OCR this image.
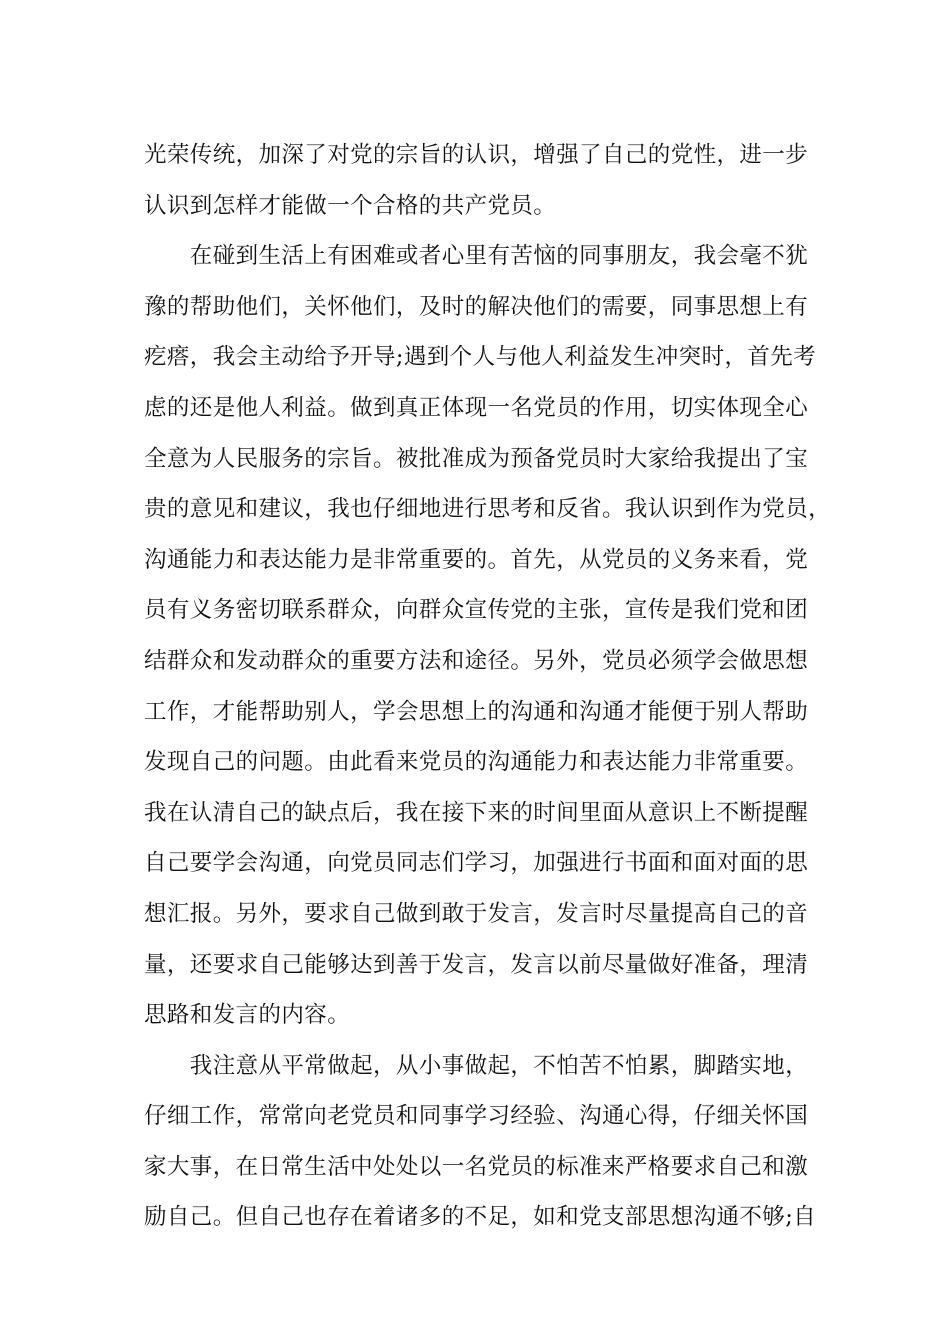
光荣传统，加深了对党的宗旨的认识，增强了自己的党性，进一步
认识到怎样才能做一个合格的共产党员。
　　在碰到生活上有困难或者心里有苦恼的同事朋友，我会毫不犹
豫的帮助他们，关怀他们，及时的解决他们的需要，同事思想上有
疙瘩，我会主动给予开导;遇到个人与他人利益发生冲突时，首先考
虑的还是他人利益。做到真正体现一名党员的作用，切实体现全心
全意为人民服务的宗旨。被批准成为预备党员时大家给我提出了宝
贵的意见和建议，我也仔细地进行思考和反省。我认识到作为党员，
沟通能力和表达能力是非常重要的。首先，从党员的义务来看，党
员有义务密切联系群众，向群众宣传党的主张，宣传是我们党和团
结群众和发动群众的重要方法和途径。另外，党员必须学会做思想
工作，才能帮助别人，学会思想上的沟通和沟通才能便于别人帮助
发现自己的问题。由此看来党员的沟通能力和表达能力非常重要。
我在认清自己的缺点后，我在接下来的时间里面从意识上不断提醒
自己要学会沟通，向党员同志们学习，加强进行书面和面对面的思
想汇报。另外，要求自己做到敢于发言，发言时尽量提高自己的音
量，还要求自己能够达到善于发言，发言以前尽量做好准备，理清
思路和发言的内容。
　　我注意从平常做起，从小事做起，不怕苦不怕累，脚踏实地，
仔细工作，常常向老党员和同事学习经验、沟通心得，仔细关怀国
家大事，在日常生活中处处以一名党员的标准来严格要求自己和激
励自己。但自己也存在着诸多的不足，如和党支部思想沟通不够;自
